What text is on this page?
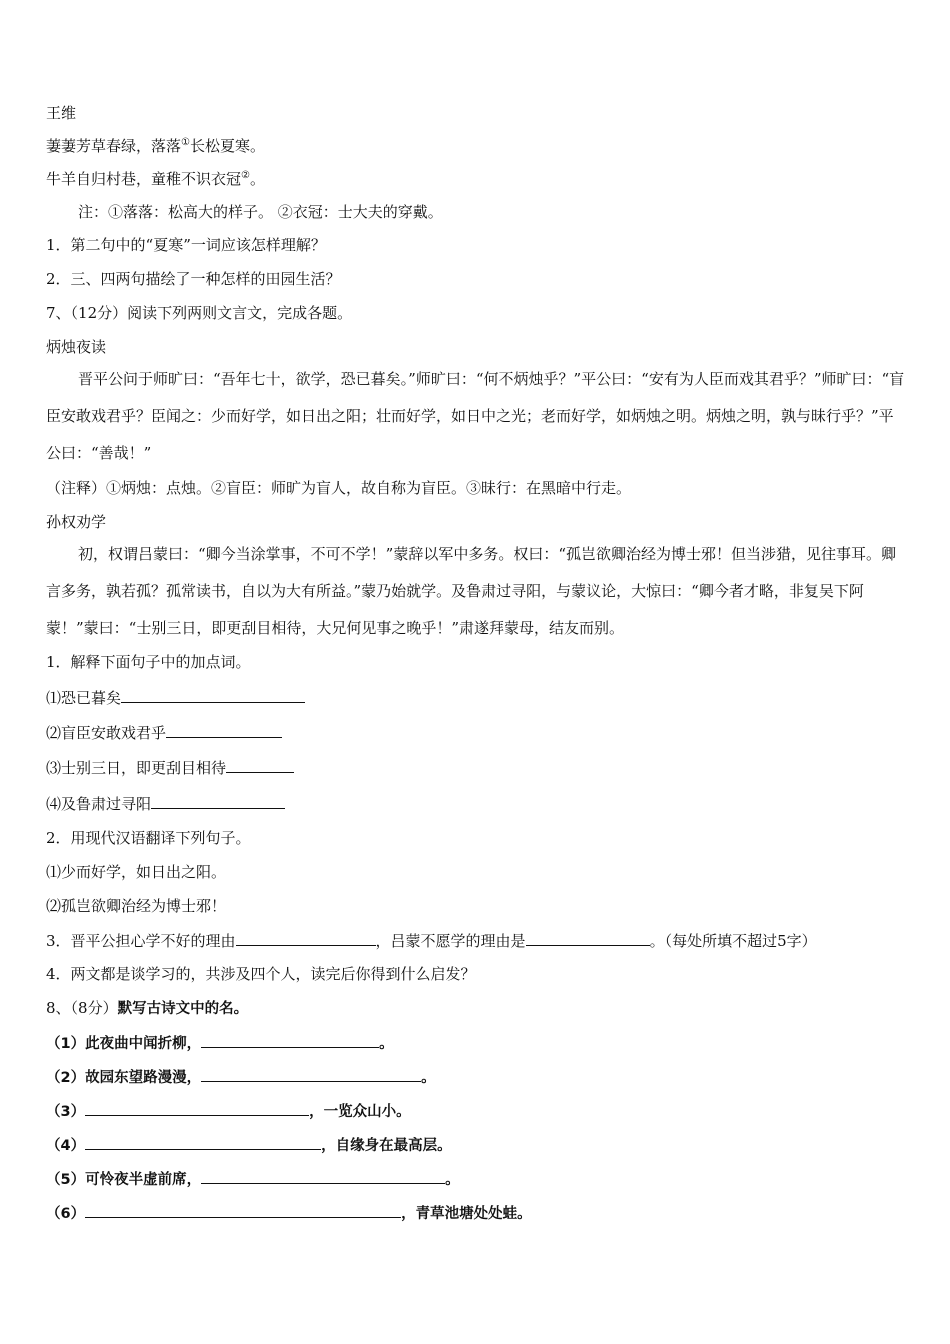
王维
萋萋芳草春绿，落落①长松夏寒。
牛羊自归村巷，童稚不识衣冠②。
注：①落落：松高大的样子。 ②衣冠：士大夫的穿戴。
1．第二句中的“夏寒”一词应该怎样理解？
2．三、四两句描绘了一种怎样的田园生活？
7、（12分）阅读下列两则文言文，完成各题。
炳烛夜读

晋平公问于师旷曰：“吾年七十，欲学，恐已暮矣。”师旷曰：“何不炳烛乎？”平公曰：“安有为人臣而戏其君乎？”师旷曰：“盲臣安敢戏君乎？臣闻之：少而好学，如日出之阳；壮而好学，如日中之光；老而好学，如炳烛之明。炳烛之明，孰与昧行乎？”平公曰：“善哉！”

（注释）①炳烛：点烛。②盲臣：师旷为盲人，故自称为盲臣。③昧行：在黑暗中行走。
孙权劝学

初，权谓吕蒙曰：“卿今当涂掌事，不可不学！”蒙辞以军中多务。权曰：“孤岂欲卿治经为博士邪！但当涉猎，见往事耳。卿言多务，孰若孤？孤常读书，自以为大有所益。”蒙乃始就学。及鲁肃过寻阳，与蒙议论，大惊曰：“卿今者才略，非复吴下阿蒙！”蒙曰：“士别三日，即更刮目相待，大兄何见事之晚乎！”肃遂拜蒙母，结友而别。

1．解释下面句子中的加点词。
⑴恐已暮矣
⑵盲臣安敢戏君乎
⑶士别三日，即更刮目相待
⑷及鲁肃过寻阳
2．用现代汉语翻译下列句子。
⑴少而好学，如日出之阳。
⑵孤岂欲卿治经为博士邪！
3．晋平公担心学不好的理由	，吕蒙不愿学的理由是	。（每处所填不超过5字）
4．两文都是谈学习的，共涉及四个人，读完后你得到什么启发？
8、（8分）默写古诗文中的名。
（1）此夜曲中闻折柳，	。
（2）故园东望路漫漫，	。
（3）	，一览众山小。
（4）	，自缘身在最高层。
（5）可怜夜半虚前席，	。
（6）	，青草池塘处处蛙。
